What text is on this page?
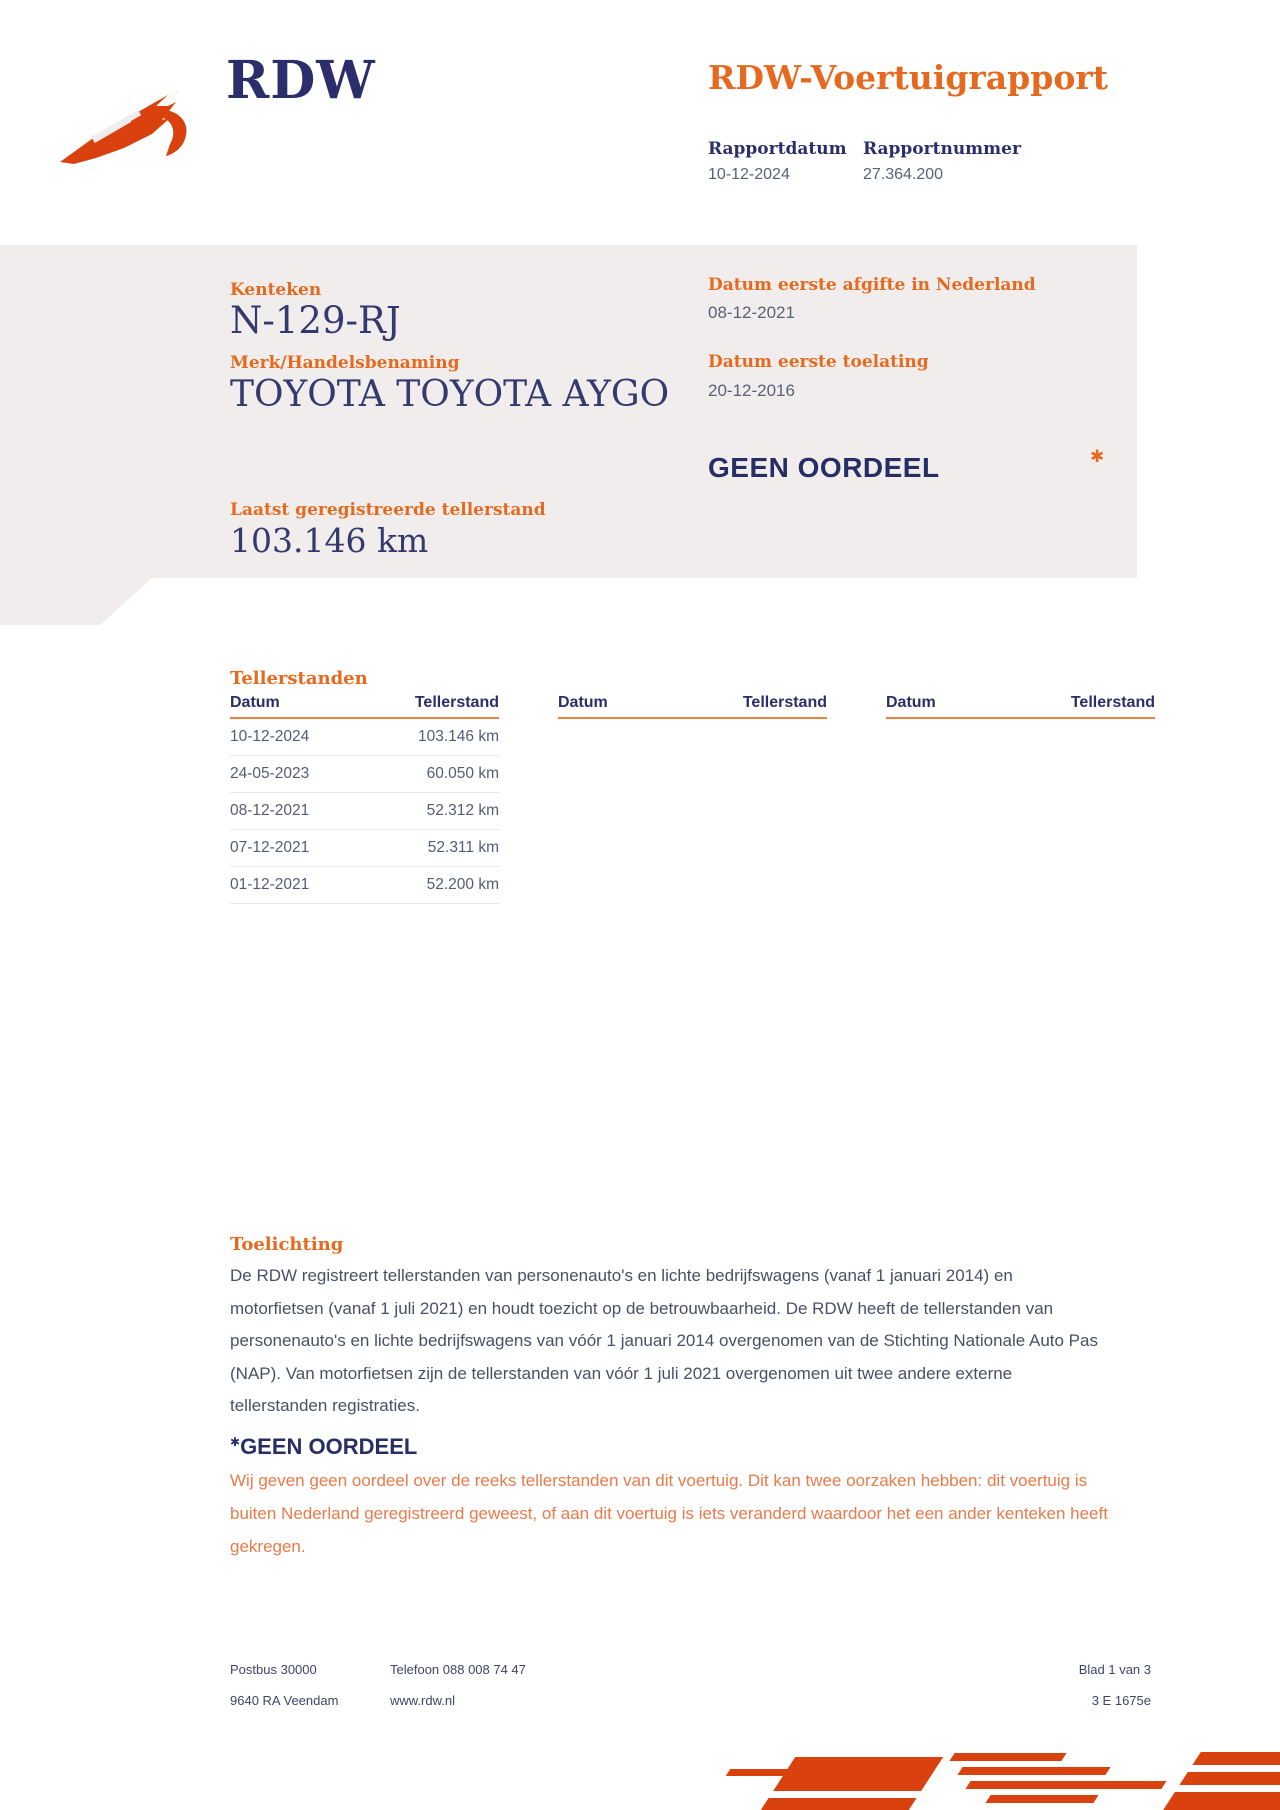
RDW	RDW-Voertuigrapport
Rapportdatum Rapportnummer
10-12-2024	27.364.200
Kenteken
N-129-RJ
Merk/Handelsbenaming
TOYOTA TOYOTA AYGO
Laatst geregistreerde tellerstand
103.146 km
Datum eerste afgifte in Nederland
08-12-2021
Datum eerste toelating
20-12-2016
GEEN OORDEEL	✱
Tellerstanden
Datum	Tellerstand
10-12-2024	103.146 km
24-05-2023	60.050 km
08-12-2021	52.312 km
07-12-2021	52.311 km
01-12-2021	52.200 km
Datum	Tellerstand	Datum	Tellerstand
Toelichting
De RDW registreert tellerstanden van personenauto's en lichte bedrijfswagens (vanaf 1 januari 2014) en motorfietsen (vanaf 1 juli 2021) en houdt toezicht op de betrouwbaarheid. De RDW heeft de tellerstanden van personenauto's en lichte bedrijfswagens van vóór 1 januari 2014 overgenomen van de Stichting Nationale Auto Pas (NAP). Van motorfietsen zijn de tellerstanden van vóór 1 juli 2021 overgenomen uit twee andere externe tellerstanden registraties.
✱GEEN OORDEEL
Wij geven geen oordeel over de reeks tellerstanden van dit voertuig. Dit kan twee oorzaken hebben: dit voertuig is buiten Nederland geregistreerd geweest, of aan dit voertuig is iets veranderd waardoor het een ander kenteken heeft gekregen.
Postbus 30000
9640 RA Veendam
Telefoon 088 008 74 47
www.rdw.nl
Blad 1 van 3
3 E 1675e
